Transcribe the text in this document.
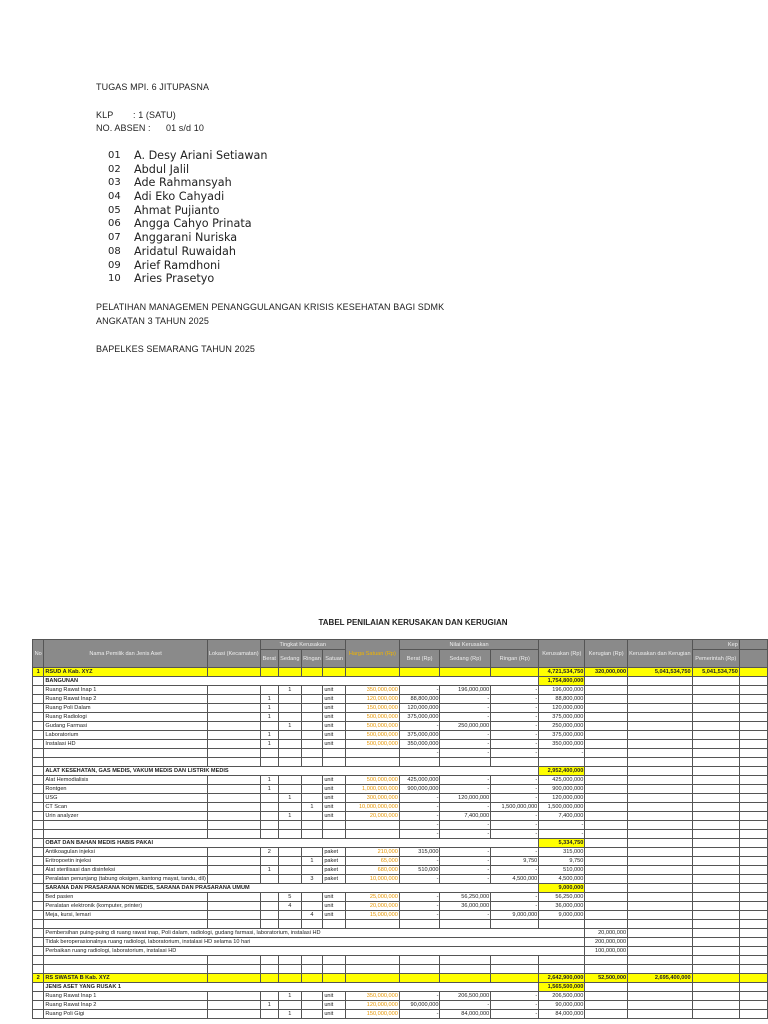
TUGAS MPI. 6 JITUPASNA
KLP : 1 (SATU)
NO. ABSEN : 01 s/d 10
01 A. Desy Ariani Setiawan
02 Abdul Jalil
03 Ade Rahmansyah
04 Adi Eko Cahyadi
05 Ahmat Pujianto
06 Angga Cahyo Prinata
07 Anggarani Nuriska
08 Aridatul Ruwaidah
09 Arief Ramdhoni
10 Aries Prasetyo
PELATIHAN MANAGEMEN PENANGGULANGAN KRISIS KESEHATAN BAGI SDMK
ANGKATAN 3 TAHUN 2025
BAPELKES SEMARANG TAHUN 2025
TABEL PENILAIAN KERUSAKAN DAN KERUGIAN
No	Nama Pemilik dan Jenis Aset	Lokasi (Kecamatan)	Tingkat Kerusakan				Harga Satuan (Rp)	Nilai Kerusakan			Kerusakan (Rp)	Kerugian (Rp)	Kerusakan dan Kerugian	Kep	
			Berat	Sedang	Ringan	Satuan		Berat (Rp)	Sedang (Rp)	Ringan (Rp)				Pemerintah (Rp)	
1	RSUD A Kab. XYZ										4,721,534,750	320,000,000	5,041,534,750	5,041,534,750	
	BANGUNAN										1,754,800,000				
	Ruang Rawat Inap 1			1		unit	350,000,000	-	196,000,000	-	196,000,000				
	Ruang Rawat Inap 2		1			unit	120,000,000	88,800,000	-	-	88,800,000				
	Ruang Poli Dalam		1			unit	150,000,000	120,000,000	-	-	120,000,000				
	Ruang Radiologi		1			unit	500,000,000	375,000,000	-	-	375,000,000				
	Gudang Farmasi			1		unit	500,000,000	-	250,000,000	-	250,000,000				
	Laboratorium		1			unit	500,000,000	375,000,000	-	-	375,000,000				
	Instalasi HD		1			unit	500,000,000	350,000,000	-	-	350,000,000				
								-	-	-	-				

	ALAT KESEHATAN, GAS MEDIS, VAKUM MEDIS DAN LISTRIK MEDIS										2,952,400,000				
	Alat Hemodialisis		1			unit	500,000,000	425,000,000	-	-	425,000,000				
	Rontgen		1			unit	1,000,000,000	900,000,000	-	-	900,000,000				
	USG			1		unit	300,000,000	-	120,000,000	-	120,000,000				
	CT Scan				1	unit	10,000,000,000	-	-	1,500,000,000	1,500,000,000				
	Urin analyzer			1		unit	20,000,000	-	7,400,000	-	7,400,000				
								-	-	-	-				
								-	-	-	-				
	OBAT DAN BAHAN MEDIS HABIS PAKAI										5,334,750				
	Antikoagulan injeksi		2			paket	210,000	315,000	-	-	315,000				
	Eritropoetin injeksi				1	paket	65,000	-	-	9,750	9,750				
	Alat sterilisasi dan disinfeksi		1			paket	680,000	510,000	-	-	510,000				
	Peralatan penunjang (tabung oksigen, kantong mayat, tandu, dll)				3	paket	10,000,000	-	-	4,500,000	4,500,000				
	SARANA DAN PRASARANA NON MEDIS, SARANA DAN PRASARANA UMUM										9,000,000				
	Bed pasien			5		unit	25,000,000	-	56,250,000	-	56,250,000				
	Peralatan elektronik (komputer, printer)			4		unit	20,000,000	-	36,000,000	-	36,000,000				
	Meja, kursi, lemari				4	unit	15,000,000	-	-	9,000,000	9,000,000				

	Pembersihan puing-puing di ruang rawat inap, Poli dalam, radiologi, gudang farmasi, laboratorium, instalasi HD											20,000,000			
	Tidak beroperasionalnya ruang radiologi, laboratorium, instalasi HD selama 10 hari											200,000,000			
	Perbaikan ruang radiologi, laboratorium, instalasi HD											100,000,000			

2	RS SWASTA B Kab. XYZ										2,642,900,000	52,500,000	2,695,400,000		
	JENIS ASET YANG RUSAK 1										1,565,500,000				
	Ruang Rawat Inap 1			1		unit	350,000,000	-	206,500,000	-	206,500,000				
	Ruang Rawat Inap 2		1			unit	120,000,000	90,000,000	-	-	90,000,000				
	Ruang Poli Gigi			1		unit	150,000,000	-	84,000,000	-	84,000,000				
